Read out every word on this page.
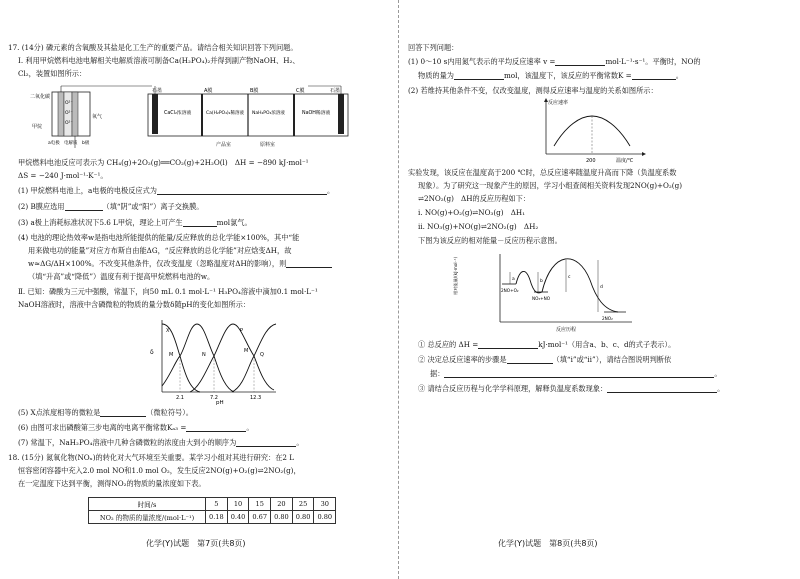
17. (14分) 磷元素的含氧酸及其盐是化工生产的重要产品。请结合相关知识回答下列问题。
Ⅰ. 利用甲烷燃料电池电解相关电解质溶液可制备Ca(H₂PO₄)₂并得到副产物NaOH、H₂、
Cl₂，装置如图所示：
二氧化碳
甲烷
O²⁻
O²⁻
O²⁻
氧气
a电极 电解质 b极
石墨	A膜	B膜	C膜	石墨
CaCl₂浓溶液	Ca(H₂PO₄)₂稀溶液 NaH₂PO₄浓溶液	NaOH稀溶液
产品室	原料室
甲烷燃料电池反应可表示为 CH₄(g)+2O₂(g)══CO₂(g)+2H₂O(l)　ΔH = −890 kJ·mol⁻¹
ΔS = −240 J·mol⁻¹·K⁻¹。
(1) 甲烷燃料电池上，a电极的电极反应式为	。
(2) B膜应选用	（填“阴”或“阳”）离子交换膜。
(3) a极上消耗标准状况下5.6 L甲烷，理论上可产生	mol氯气。
(4) 电池的理论热效率w是指电池所能提供的能量/反应释放的总化学能×100%，其中“能
用来做电功的能量”对应方布斯自由能ΔG，“反应释放的总化学能”对应焓变ΔH，故
w≈ΔG/ΔH×100%。不改变其他条件，仅改变温度（忽略温度对ΔH的影响），则
（填“升高”或“降低”）温度有利于提高甲烷燃料电池的w。
Ⅱ. 已知：磷酸为三元中强酸，常温下，向50 mL 0.1 mol·L⁻¹ H₃PO₄溶液中滴加0.1 mol·L⁻¹
NaOH溶液时，溶液中含磷微粒的物质的量分数δ随pH的变化如图所示：
δ
pH
2.1	7.2	12.3
X
M	N
P
M
Q
(5) X点浓度相等的微粒是	（微粒符号）。
(6) 由图可求出磷酸第三步电离的电离平衡常数Kₐ₃ =	。
(7) 常温下，NaH₂PO₄溶液中几种含磷微粒的浓度由大到小的顺序为	。
18. (15分) 氮氧化物(NOₓ)的转化对大气环境至关重要。某学习小组对其进行研究：在2 L
恒容密闭容器中充入2.0 mol NO和1.0 mol O₂，发生反应2NO(g)+O₂(g)⇌2NO₂(g)，
在一定温度下达到平衡，测得NO₂的物质的量浓度如下表。
时间/s	5	10	15	20	25	30
NO₂ 的物质的量浓度/(mol·L⁻¹)	0.18	0.40	0.67	0.80	0.80	0.80
化学(Y)试题　第7页(共8页)
回答下列问题：
(1) 0～10 s内用氮气表示的平均反应速率 v =	mol·L⁻¹·s⁻¹。平衡时，NO的
物质的量为	mol，该温度下，该反应的平衡常数K =	。
(2) 若维持其他条件不变，仅改变温度，测得反应速率与温度的关系如图所示：
反应速率
温度/℃
200
实验发现，该反应在温度高于200 ℃时，总反应速率随温度升高而下降（负温度系数
现象）。为了研究这一现象产生的原因，学习小组查阅相关资料发现2NO(g)+O₂(g)
⇌2NO₂(g)　ΔH的反应历程如下：
ⅰ. NO(g)+O₂(g)⇌NO₃(g)　ΔH₁
ⅱ. NO₃(g)+NO(g)⇌2NO₂(g)　ΔH₂
下图为该反应的相对能量－反应历程示意图。
相对能量/(kJ·mol⁻¹)
反应历程
2NO+O₂
NO₃+NO
2NO₂
a	b
c
d
① 总反应的 ΔH =	kJ·mol⁻¹（用含a、b、c、d的式子表示）。
② 决定总反应速率的步骤是	（填“ⅰ”或“ⅱ”），请结合图说明判断依
据：	。
③ 请结合反应历程与化学学科原理，解释负温度系数现象：	。
化学(Y)试题　第8页(共8页)
